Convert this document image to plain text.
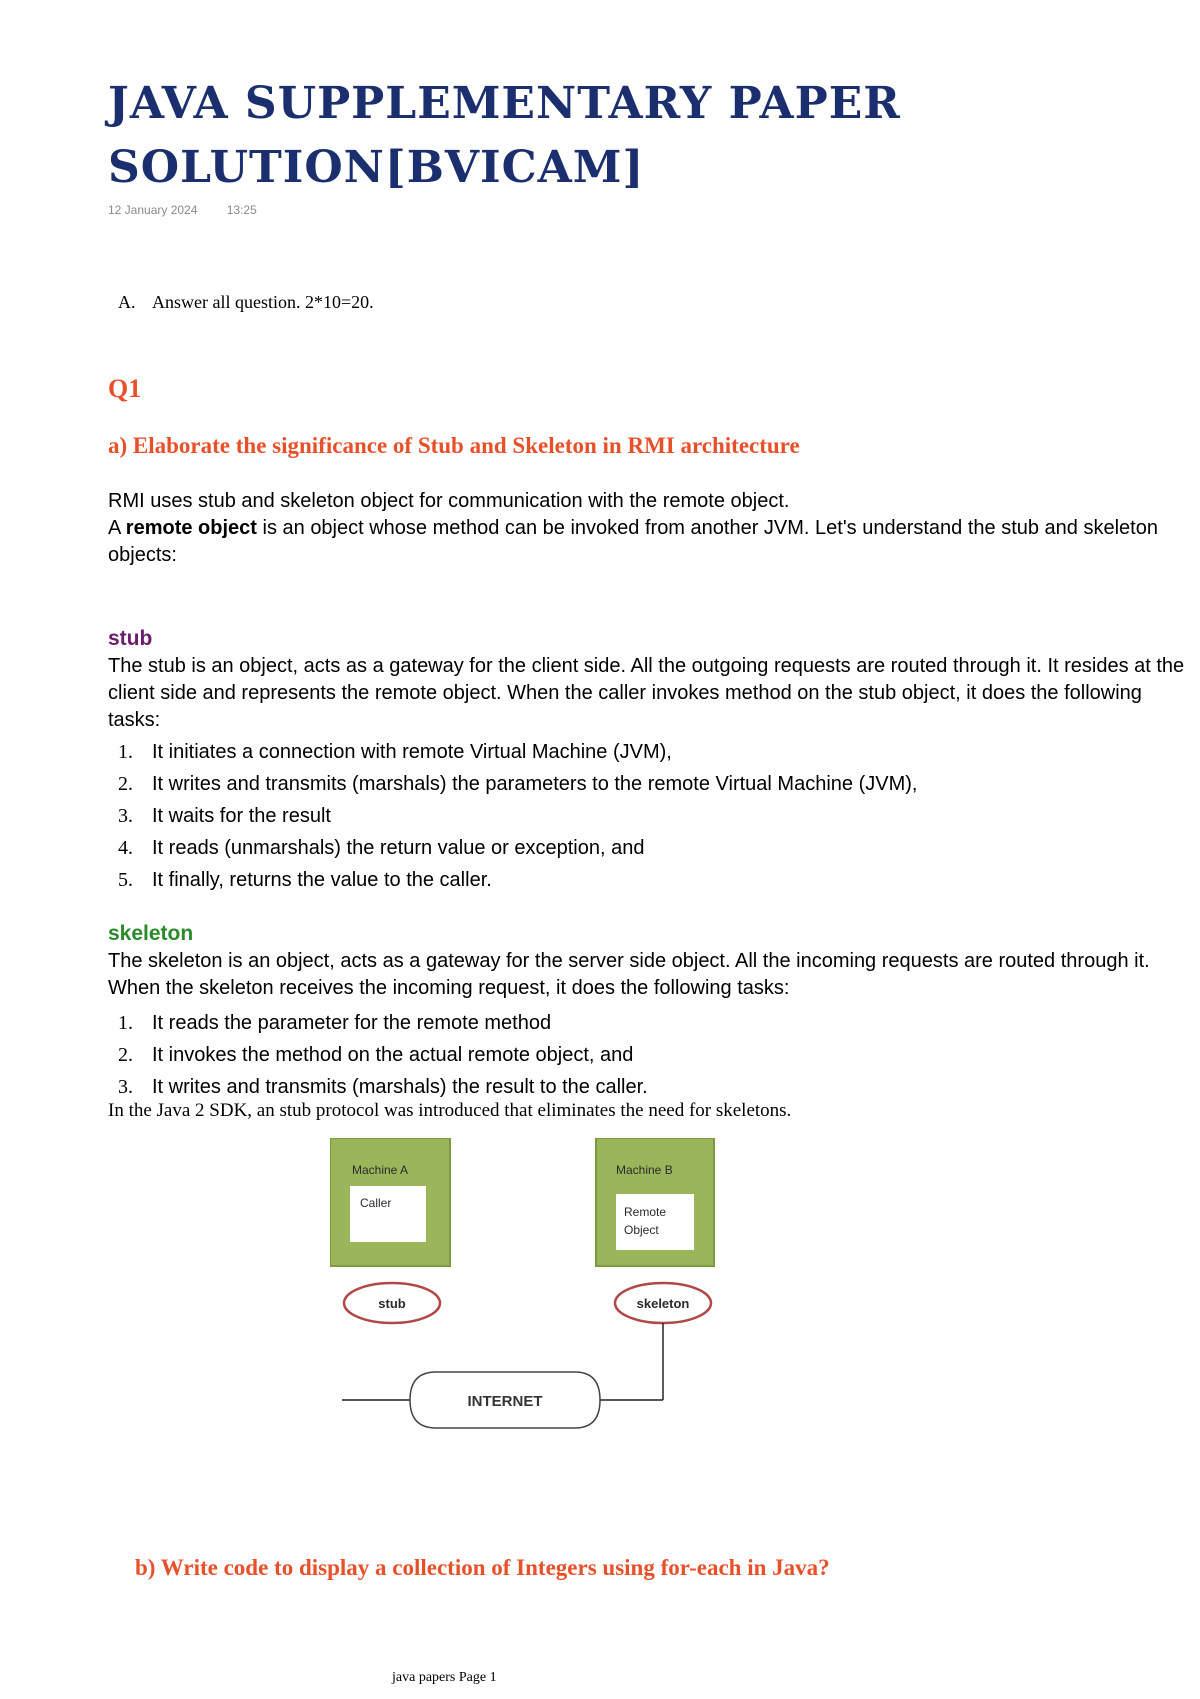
JAVA SUPPLEMENTARY PAPER
SOLUTION[BVICAM]
12 January 2024 13:25
A. Answer all question. 2*10=20.
Q1
a) Elaborate the significance of Stub and Skeleton in RMI architecture
RMI uses stub and skeleton object for communication with the remote object.
A remote object is an object whose method can be invoked from another JVM. Let's understand the stub and skeleton objects:
stub

The stub is an object, acts as a gateway for the client side. All the outgoing requests are routed through it. It resides at the client side and represents the remote object. When the caller invokes method on the stub object, it does the following tasks:

1. It initiates a connection with remote Virtual Machine (JVM),
2. It writes and transmits (marshals) the parameters to the remote Virtual Machine (JVM),
3. It waits for the result
4. It reads (unmarshals) the return value or exception, and
5. It finally, returns the value to the caller.
skeleton

The skeleton is an object, acts as a gateway for the server side object. All the incoming requests are routed through it. When the skeleton receives the incoming request, it does the following tasks:

1. It reads the parameter for the remote method
2. It invokes the method on the actual remote object, and
3. It writes and transmits (marshals) the result to the caller.

In the Java 2 SDK, an stub protocol was introduced that eliminates the need for skeletons.

Machine A
Caller
Machine B
Remote
Object
stub	skeleton
INTERNET
b) Write code to display a collection of Integers using for-each in Java?
java papers Page 1
